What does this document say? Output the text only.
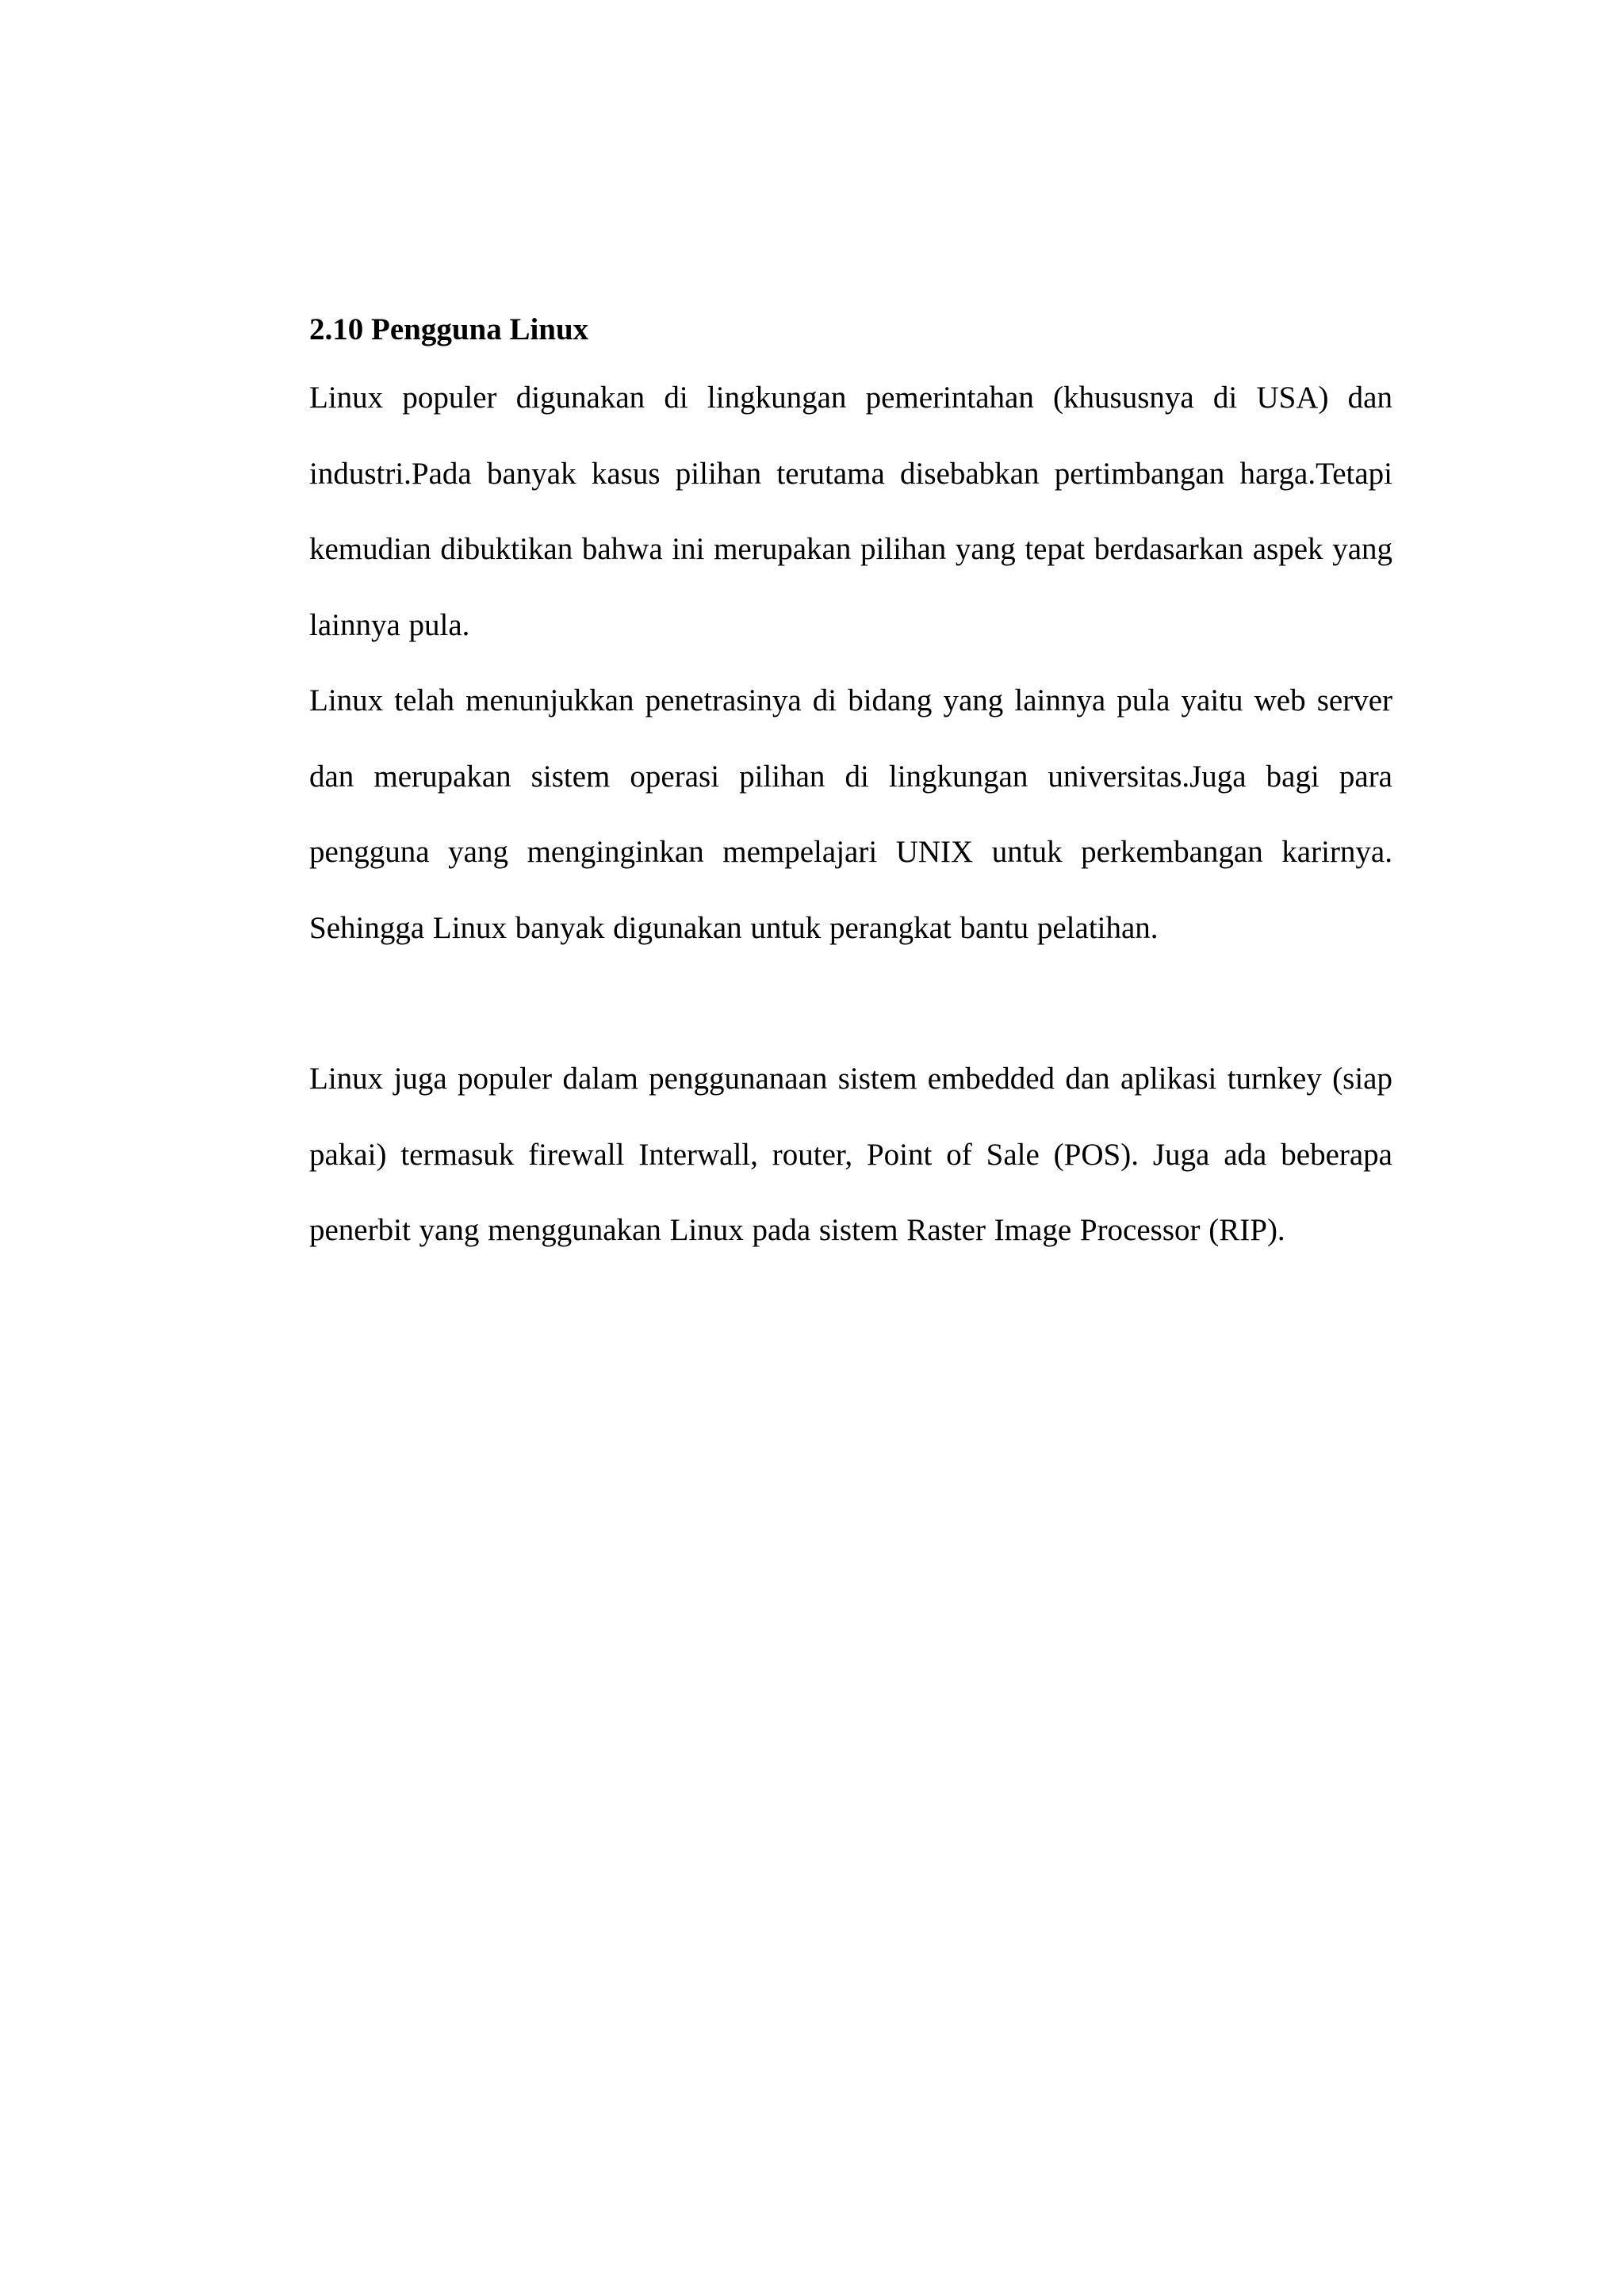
2.10 Pengguna Linux

Linux populer digunakan di lingkungan pemerintahan (khususnya di USA) dan industri.Pada banyak kasus pilihan terutama disebabkan pertimbangan harga.Tetapi kemudian dibuktikan bahwa ini merupakan pilihan yang tepat berdasarkan aspek yang lainnya pula.

Linux telah menunjukkan penetrasinya di bidang yang lainnya pula yaitu web server dan merupakan sistem operasi pilihan di lingkungan universitas.Juga bagi para pengguna yang menginginkan mempelajari UNIX untuk perkembangan karirnya. Sehingga Linux banyak digunakan untuk perangkat bantu pelatihan.

Linux juga populer dalam penggunanaan sistem embedded dan aplikasi turnkey (siap pakai) termasuk firewall Interwall, router, Point of Sale (POS). Juga ada beberapa penerbit yang menggunakan Linux pada sistem Raster Image Processor (RIP).
